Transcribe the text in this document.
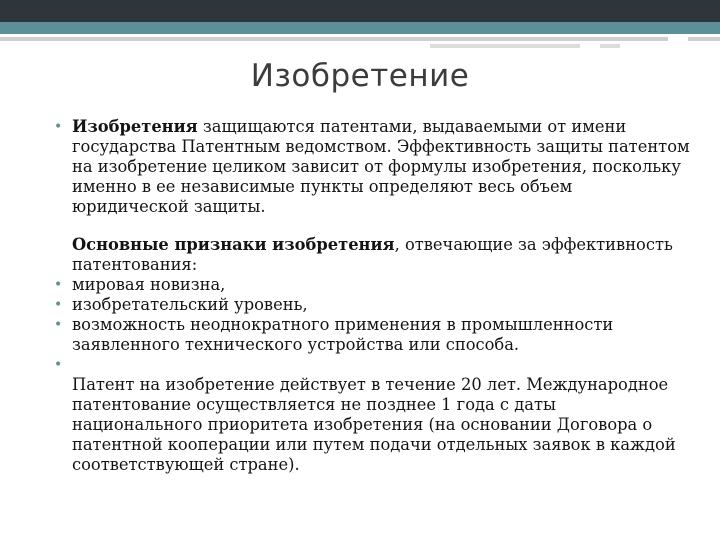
Изобретение
• Изобретения защищаются патентами, выдаваемыми от имени государства Патентным ведомством. Эффективность защиты патентом на изобретение целиком зависит от формулы изобретения, поскольку именно в ее независимые пункты определяют весь объем юридической защиты.
Основные признаки изобретения, отвечающие за эффективность патентования:
• мировая новизна,
• изобретательский уровень,
• возможность неоднократного применения в промышленности заявленного технического устройства или способа.
•
Патент на изобретение действует в течение 20 лет. Международное патентование осуществляется не позднее 1 года с даты национального приоритета изобретения (на основании Договора о патентной кооперации или путем подачи отдельных заявок в каждой соответствующей стране).
